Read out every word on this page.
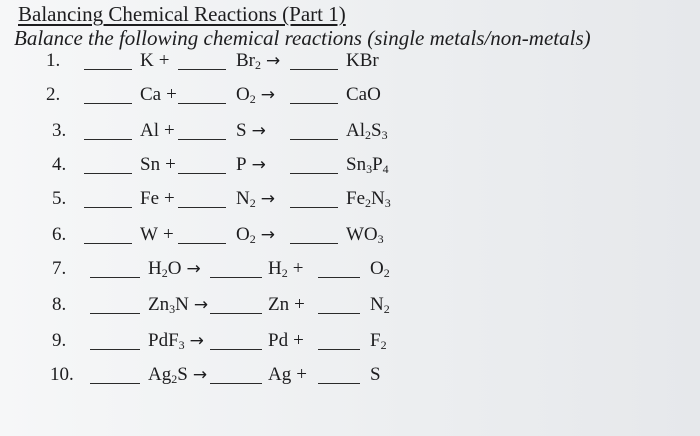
Balancing Chemical Reactions (Part 1)
Balance the following chemical reactions (single metals/non-metals)
1.	K +	$Br_2$ →	KBr
2.	Ca +	$O_2$ →	CaO
3.	Al +	S →	$Al_2S_3$
4.	Sn +	P →	$Sn_3P_4$
5.	Fe +	$N_2$ →	$Fe_2N_3$
6.	W +	$O_2$ →	$WO_3$
7.	$H_2O$ →	$H_2$ +	$O_2$
8.	$Zn_3N$ →	Zn +	$N_2$
9.	PdF$_3$ →	Pd +	$F_2$
10.	$Ag_2S$ →	Ag +	S
